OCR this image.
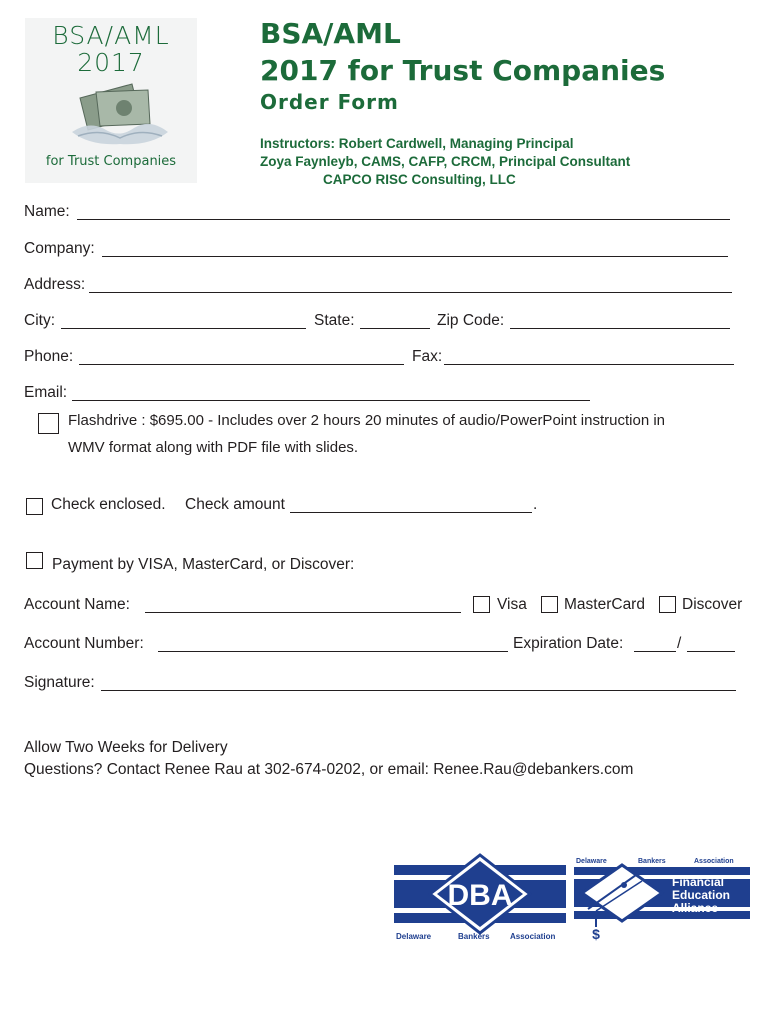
BSA/AML
2017
for Trust Companies
BSA/AML
2017 for Trust Companies
Order Form
Instructors: Robert Cardwell, Managing Principal
Zoya Faynleyb, CAMS, CAFP, CRCM, Principal Consultant
CAPCO RISC Consulting, LLC
Name:
Company:
Address:
City:	State:	Zip Code:
Phone:	Fax:
Email:
Flashdrive : $695.00 - Includes over 2 hours 20 minutes of audio/PowerPoint instruction in
WMV format along with PDF file with slides.
Check enclosed. Check amount	.
Payment by VISA, MasterCard, or Discover:
Account Name:	Visa MasterCard Discover
Account Number:	Expiration Date:	/
Signature:
Allow Two Weeks for Delivery
Questions? Contact Renee Rau at 302-674-0202, or email: Renee.Rau@debankers.com
DBA
Delaware	Bankers	Association
Delaware	Bankers	Association
$
Financial
Education
Alliance
